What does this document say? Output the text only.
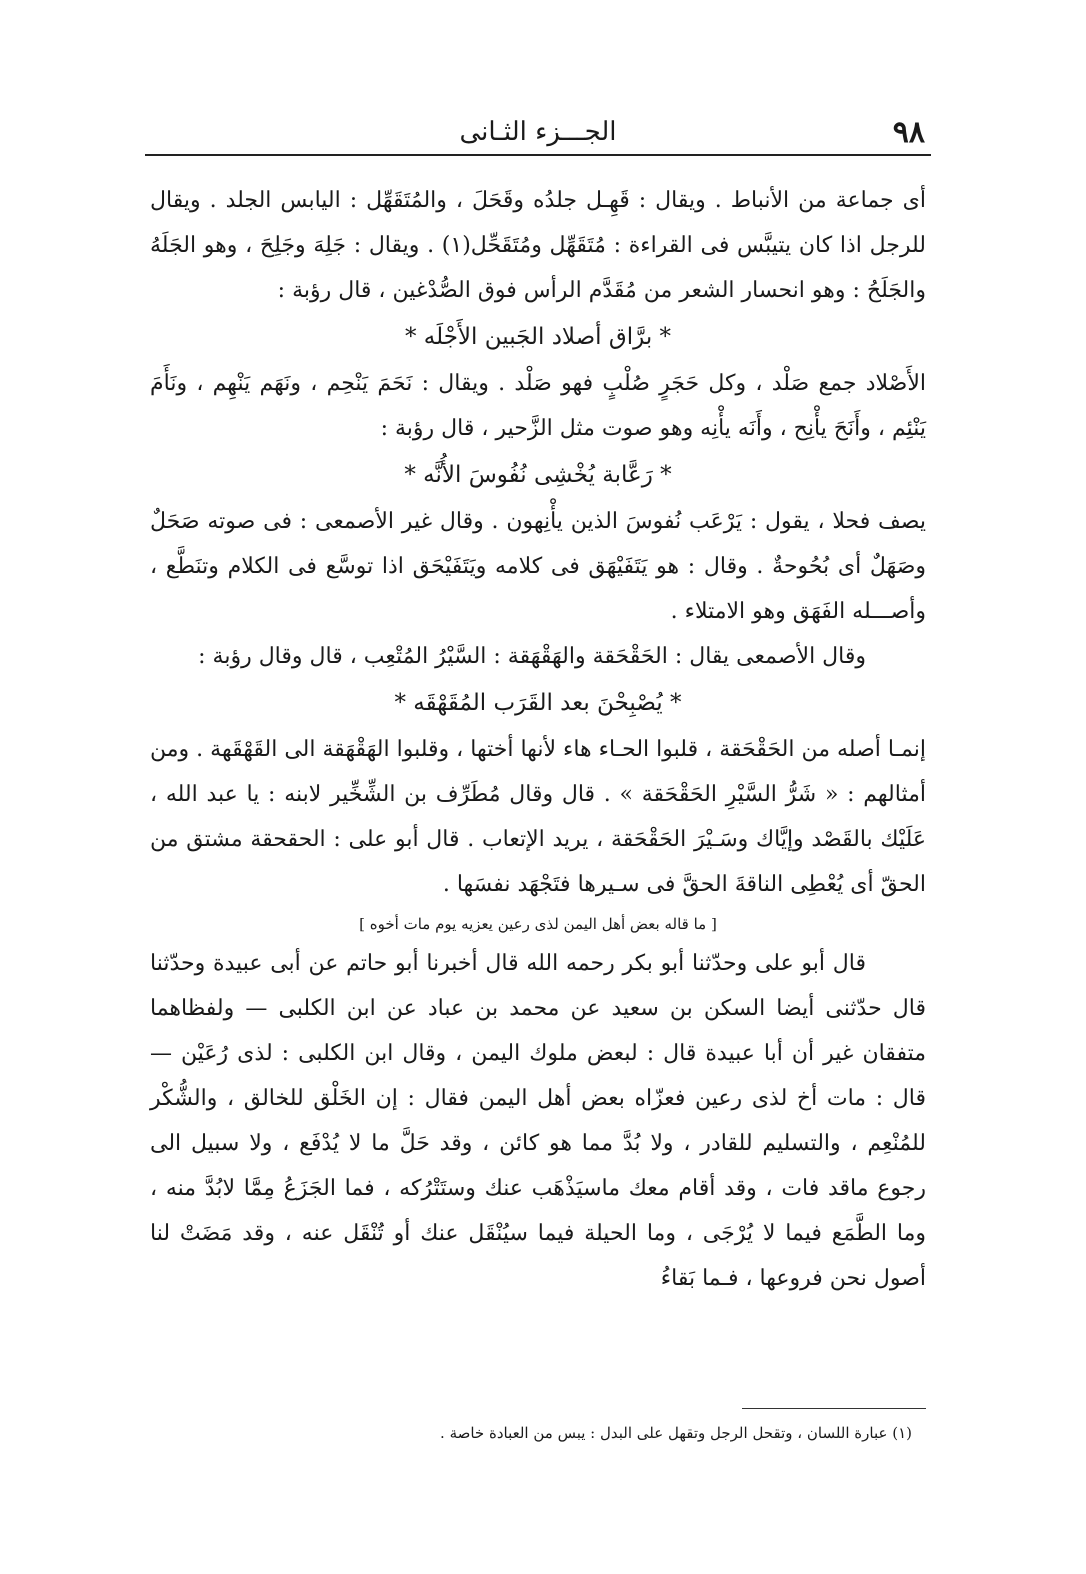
٩٨
الجـــزء الثـانى

أى جماعة من الأنباط . ويقال : قَهِـل جلدُه وقَحَلَ ، والمُتَقَهِّل : اليابس الجلد . ويقال للرجل اذا كان يتيبَّس فى القراءة : مُتَقَهِّل ومُتَقَحِّل(١) . ويقال : جَلِهَ وجَلِحَ ، وهو الجَلَهُ والجَلَحُ : وهو انحسار الشعر من مُقَدَّم الرأس فوق الصُّدْغين ، قال رؤبة :

* برَّاق أصلاد الجَبين الأَجْلَه *

الأَصْلاد جمع صَلْد ، وكل حَجَرٍ صُلْبٍ فهو صَلْد . ويقال : نَحَمَ يَنْحِم ، ونَهَم يَنْهِم ، ونَأَمَ يَنْئِم ، وأَنَحَ يأْنِح ، وأَنَه يأْنِه وهو صوت مثل الزَّحير ، قال رؤبة :

* رَعَّابة يُخْشِى نُفُوسَ الأُنَّه *

يصف فحلا ، يقول : يَرْعَب نُفوسَ الذين يأْنِهون . وقال غير الأصمعى : فى صوته صَحَلٌ وصَهَلٌ أى بُحُوحةٌ . وقال : هو يَتَفَيْهَق فى كلامه ويَتَفَيْحَق اذا توسَّع فى الكلام وتنَطَّع ، وأصـــله الفَهَق وهو الامتلاء .

وقال الأصمعى يقال : الحَقْحَقة والهَقْهَقة : السَّيْرُ المُتْعِب ، قال وقال رؤبة :

* يُصْبِحْنَ بعد القَرَب المُقَهْقَه *

إنمـا أصله من الحَقْحَقة ، قلبوا الحـاء هاء لأنها أختها ، وقلبوا الهَقْهَقة الى القَهْقَهة . ومن أمثالهم : « شَرُّ السَّيْرِ الحَقْحَقة » . قال وقال مُطَرِّف بن الشِّخِّير لابنه : يا عبد الله ، عَلَيْك بالقَصْد وإيَّاك وسَـيْرَ الحَقْحَقة ، يريد الإتعاب . قال أبو على : الحقحقة مشتق من الحقّ أى يُعْطِى الناقةَ الحقَّ فى سـيرها فتَجْهَد نفسَها .

[ ما قاله بعض أهل اليمن لذى رعين يعزيه يوم مات أخوه ]

قال أبو على وحدّثنا أبو بكر رحمه الله قال أخبرنا أبو حاتم عن أبى عبيدة وحدّثنا قال حدّثنى أيضا السكن بن سعيد عن محمد بن عباد عن ابن الكلبى — ولفظاهما متفقان غير أن أبا عبيدة قال : لبعض ملوك اليمن ، وقال ابن الكلبى : لذى رُعَيْن — قال : مات أخ لذى رعين فعزّاه بعض أهل اليمن فقال : إن الخَلْق للخالق ، والشُّكْر للمُنْعِم ، والتسليم للقادر ، ولا بُدَّ مما هو كائن ، وقد حَلَّ ما لا يُدْفَع ، ولا سبيل الى رجوع ماقد فات ، وقد أقام معك ماسيَذْهَب عنك وستَتْرُكه ، فما الجَزَعُ مِمَّا لابُدَّ منه ، وما الطَّمَع فيما لا يُرْجَى ، وما الحيلة فيما سيُنْقَل عنك أو تُنْقَل عنه ، وقد مَضَتْ لنا أصول نحن فروعها ، فـما بَقاءُ

(١) عبارة اللسان ، وتقحل الرجل وتقهل على البدل : يبس من العبادة خاصة .
